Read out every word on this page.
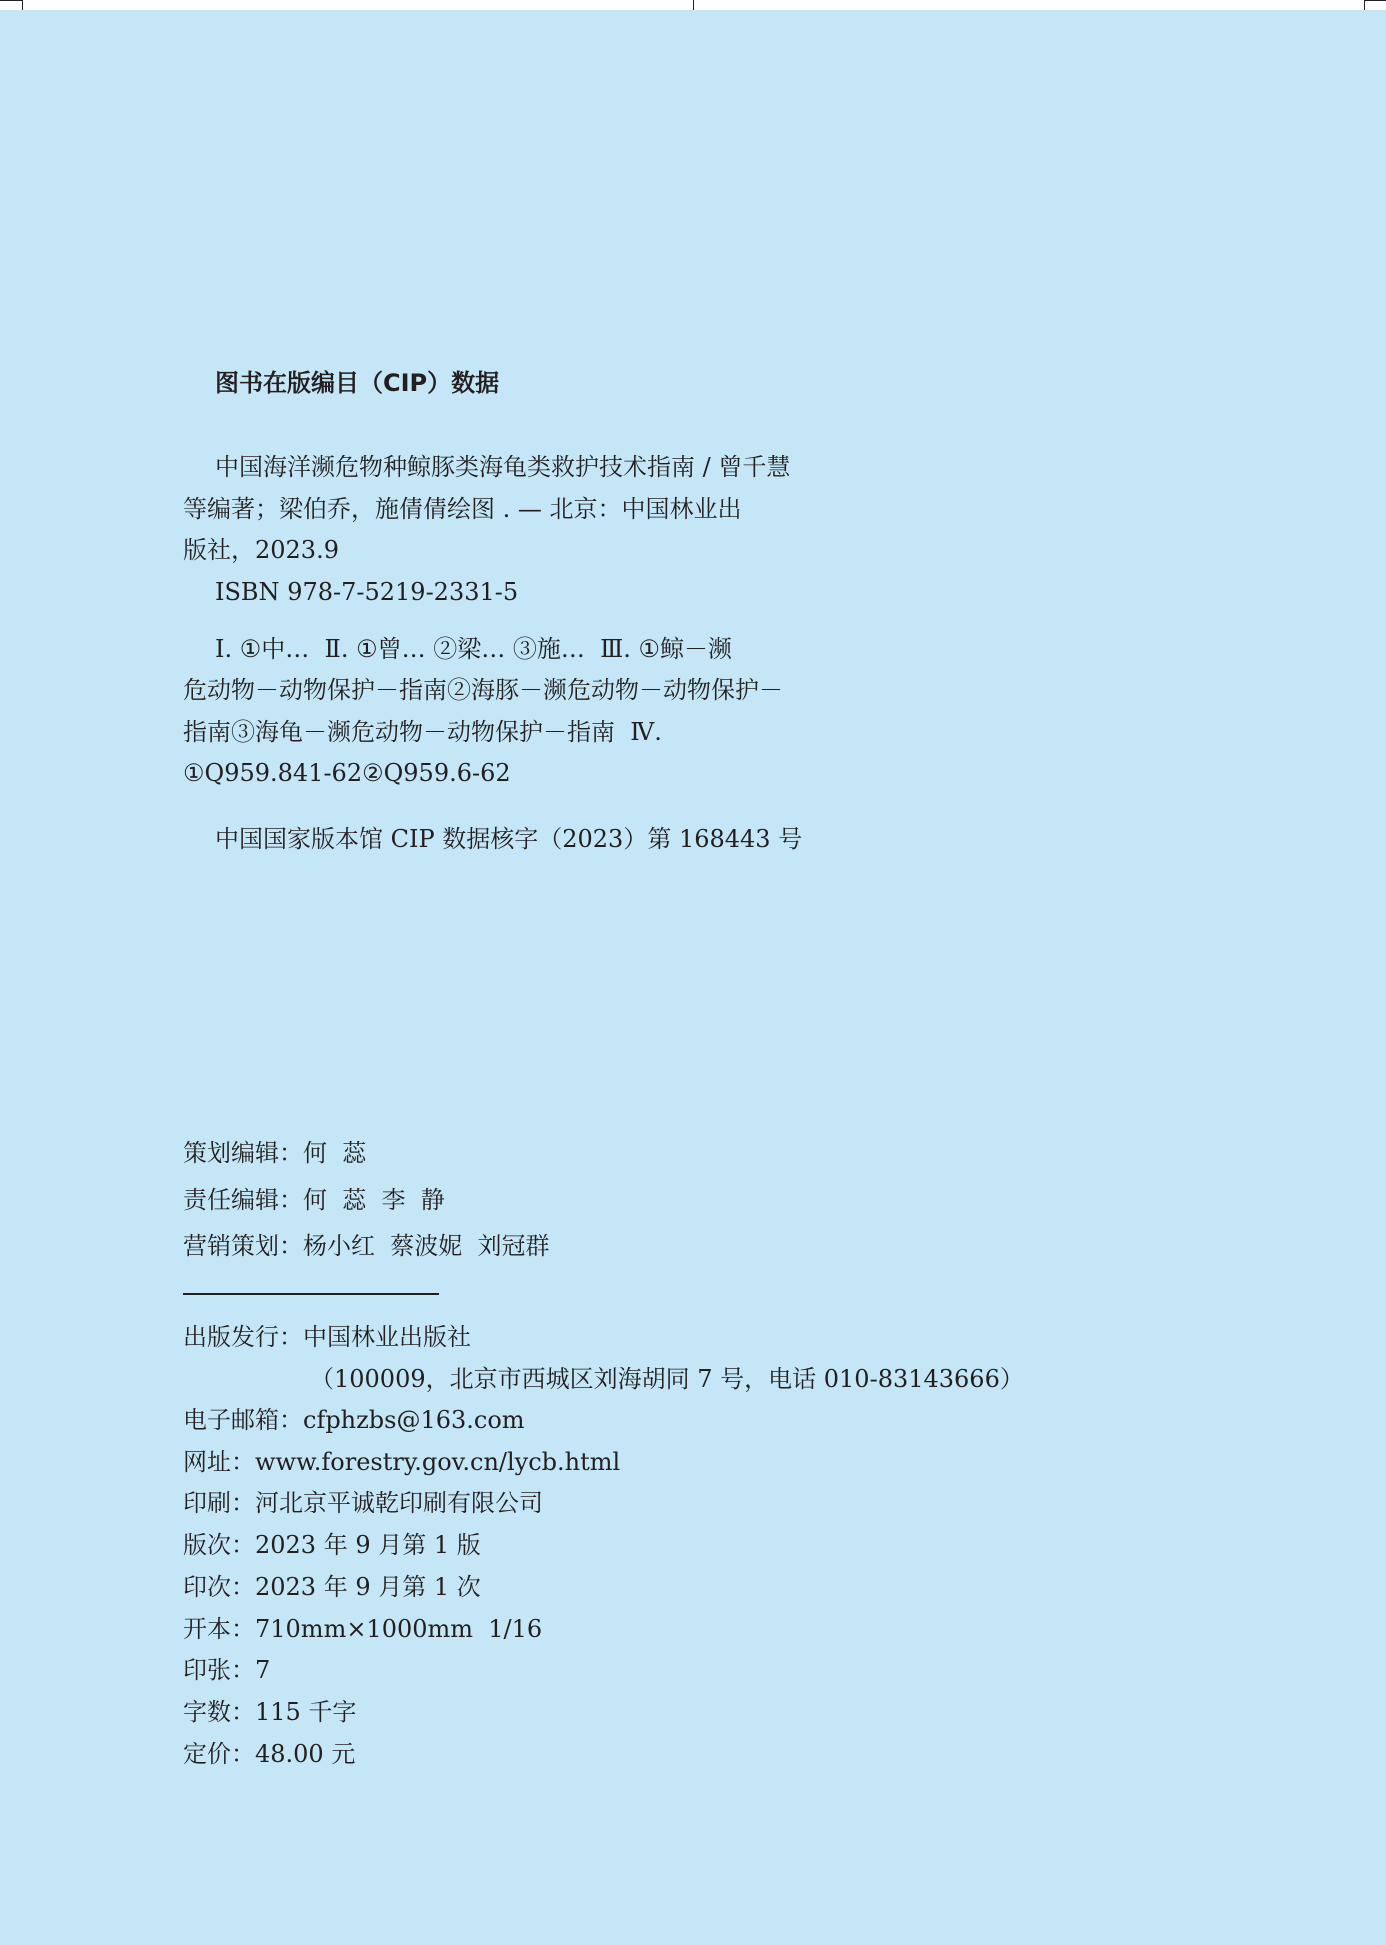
图书在版编目（CIP）数据
中国海洋濒危物种鲸豚类海龟类救护技术指南 / 曾千慧
等编著；梁伯乔，施倩倩绘图 . — 北京：中国林业出
版社，2023.9
ISBN 978-7-5219-2331-5
Ⅰ. ①中…  Ⅱ. ①曾… ②梁… ③施…  Ⅲ. ①鲸－濒
危动物－动物保护－指南②海豚－濒危动物－动物保护－
指南③海龟－濒危动物－动物保护－指南  Ⅳ.
①Q959.841-62②Q959.6-62
中国国家版本馆 CIP 数据核字（2023）第 168443 号
策划编辑：何  蕊
责任编辑：何  蕊  李  静
营销策划：杨小红  蔡波妮  刘冠群
出版发行：中国林业出版社
（100009，北京市西城区刘海胡同 7 号，电话 010-83143666）
电子邮箱：cfphzbs@163.com
网址：www.forestry.gov.cn/lycb.html
印刷：河北京平诚乾印刷有限公司
版次：2023 年 9 月第 1 版
印次：2023 年 9 月第 1 次
开本：710mm×1000mm  1/16
印张：7
字数：115 千字
定价：48.00 元
